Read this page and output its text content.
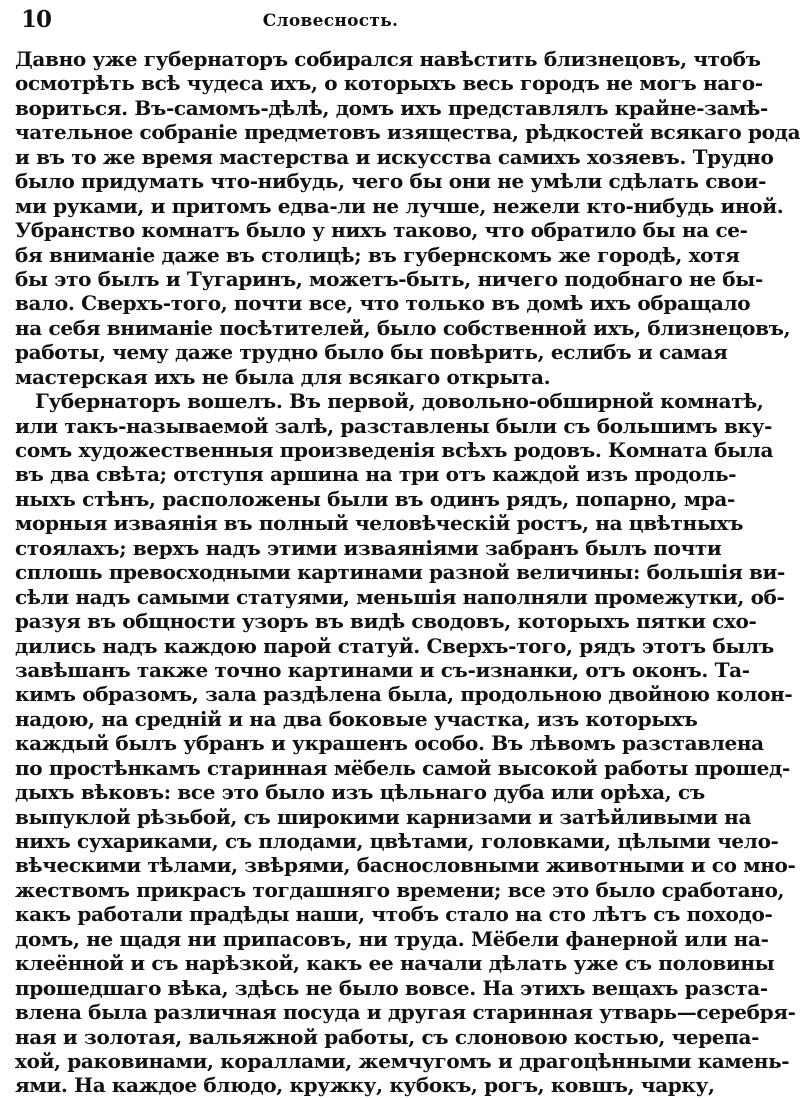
10	Словесность.
Давно уже губернаторъ собирался навѣстить близнецовъ, чтобъ
осмотрѣть всѣ чудеса ихъ, о которыхъ весь городъ не могъ наго-
вориться. Въ-самомъ-дѣлѣ, домъ ихъ представлялъ крайне-замѣ-
чательное собраніе предметовъ изящества, рѣдкостей всякаго рода
и въ то же время мастерства и искусства самихъ хозяевъ. Трудно
было придумать что-нибудь, чего бы они не умѣли сдѣлать свои-
ми руками, и притомъ едва-ли не лучше, нежели кто-нибудь иной.
Убранство комнатъ было у нихъ таково, что обратило бы на се-
бя вниманіе даже въ столицѣ; въ губернскомъ же городѣ, хотя
бы это былъ и Тугаринъ, можетъ-быть, ничего подобнаго не бы-
вало. Сверхъ-того, почти все, что только въ домѣ ихъ обращало
на себя вниманіе посѣтителей, было собственной ихъ, близнецовъ,
работы, чему даже трудно было бы повѣрить, еслибъ и самая
мастерская ихъ не была для всякаго открыта.
Губернаторъ вошелъ. Въ первой, довольно-обширной комнатѣ,
или такъ-называемой залѣ, разставлены были съ большимъ вку-
сомъ художественныя произведенія всѣхъ родовъ. Комната была
въ два свѣта; отступя аршина на три отъ каждой изъ продоль-
ныхъ стѣнъ, расположены были въ одинъ рядъ, попарно, мра-
морныя изваянія въ полный человѣческій ростъ, на цвѣтныхъ
стоялахъ; верхъ надъ этими изваяніями забранъ былъ почти
сплошь превосходными картинами разной величины: большія ви-
сѣли надъ самыми статуями, меньшія наполняли промежутки, об-
разуя въ общности узоръ въ видѣ сводовъ, которыхъ пятки схо-
дились надъ каждою парой статуй. Сверхъ-того, рядъ этотъ былъ
завѣшанъ также точно картинами и съ-изнанки, отъ оконъ. Та-
кимъ образомъ, зала раздѣлена была, продольною двойною колон-
надою, на средній и на два боковые участка, изъ которыхъ
каждый былъ убранъ и украшенъ особо. Въ лѣвомъ разставлена
по простѣнкамъ старинная мёбель самой высокой работы прошед-
дыхъ вѣковъ: все это было изъ цѣльнаго дуба или орѣха, съ
выпуклой рѣзьбой, съ широкими карнизами и затѣйливыми на
нихъ сухариками, съ плодами, цвѣтами, головками, цѣлыми чело-
вѣческими тѣлами, звѣрями, баснословными животными и со мно-
жествомъ прикрасъ тогдашняго времени; все это было сработано,
какъ работали прадѣды наши, чтобъ стало на сто лѣтъ съ походо-
домъ, не щадя ни припасовъ, ни труда. Мёбели фанерной или на-
клеённой и съ нарѣзкой, какъ ее начали дѣлать уже съ половины
прошедшаго вѣка, здѣсь не было вовсе. На этихъ вещахъ разста-
влена была различная посуда и другая старинная утварь—серебря-
ная и золотая, вальяжной работы, съ слоновою костью, черепа-
хой, раковинами, кораллами, жемчугомъ и драгоцѣнными камень-
ями. На каждое блюдо, кружку, кубокъ, рогъ, ковшъ, чарку,
